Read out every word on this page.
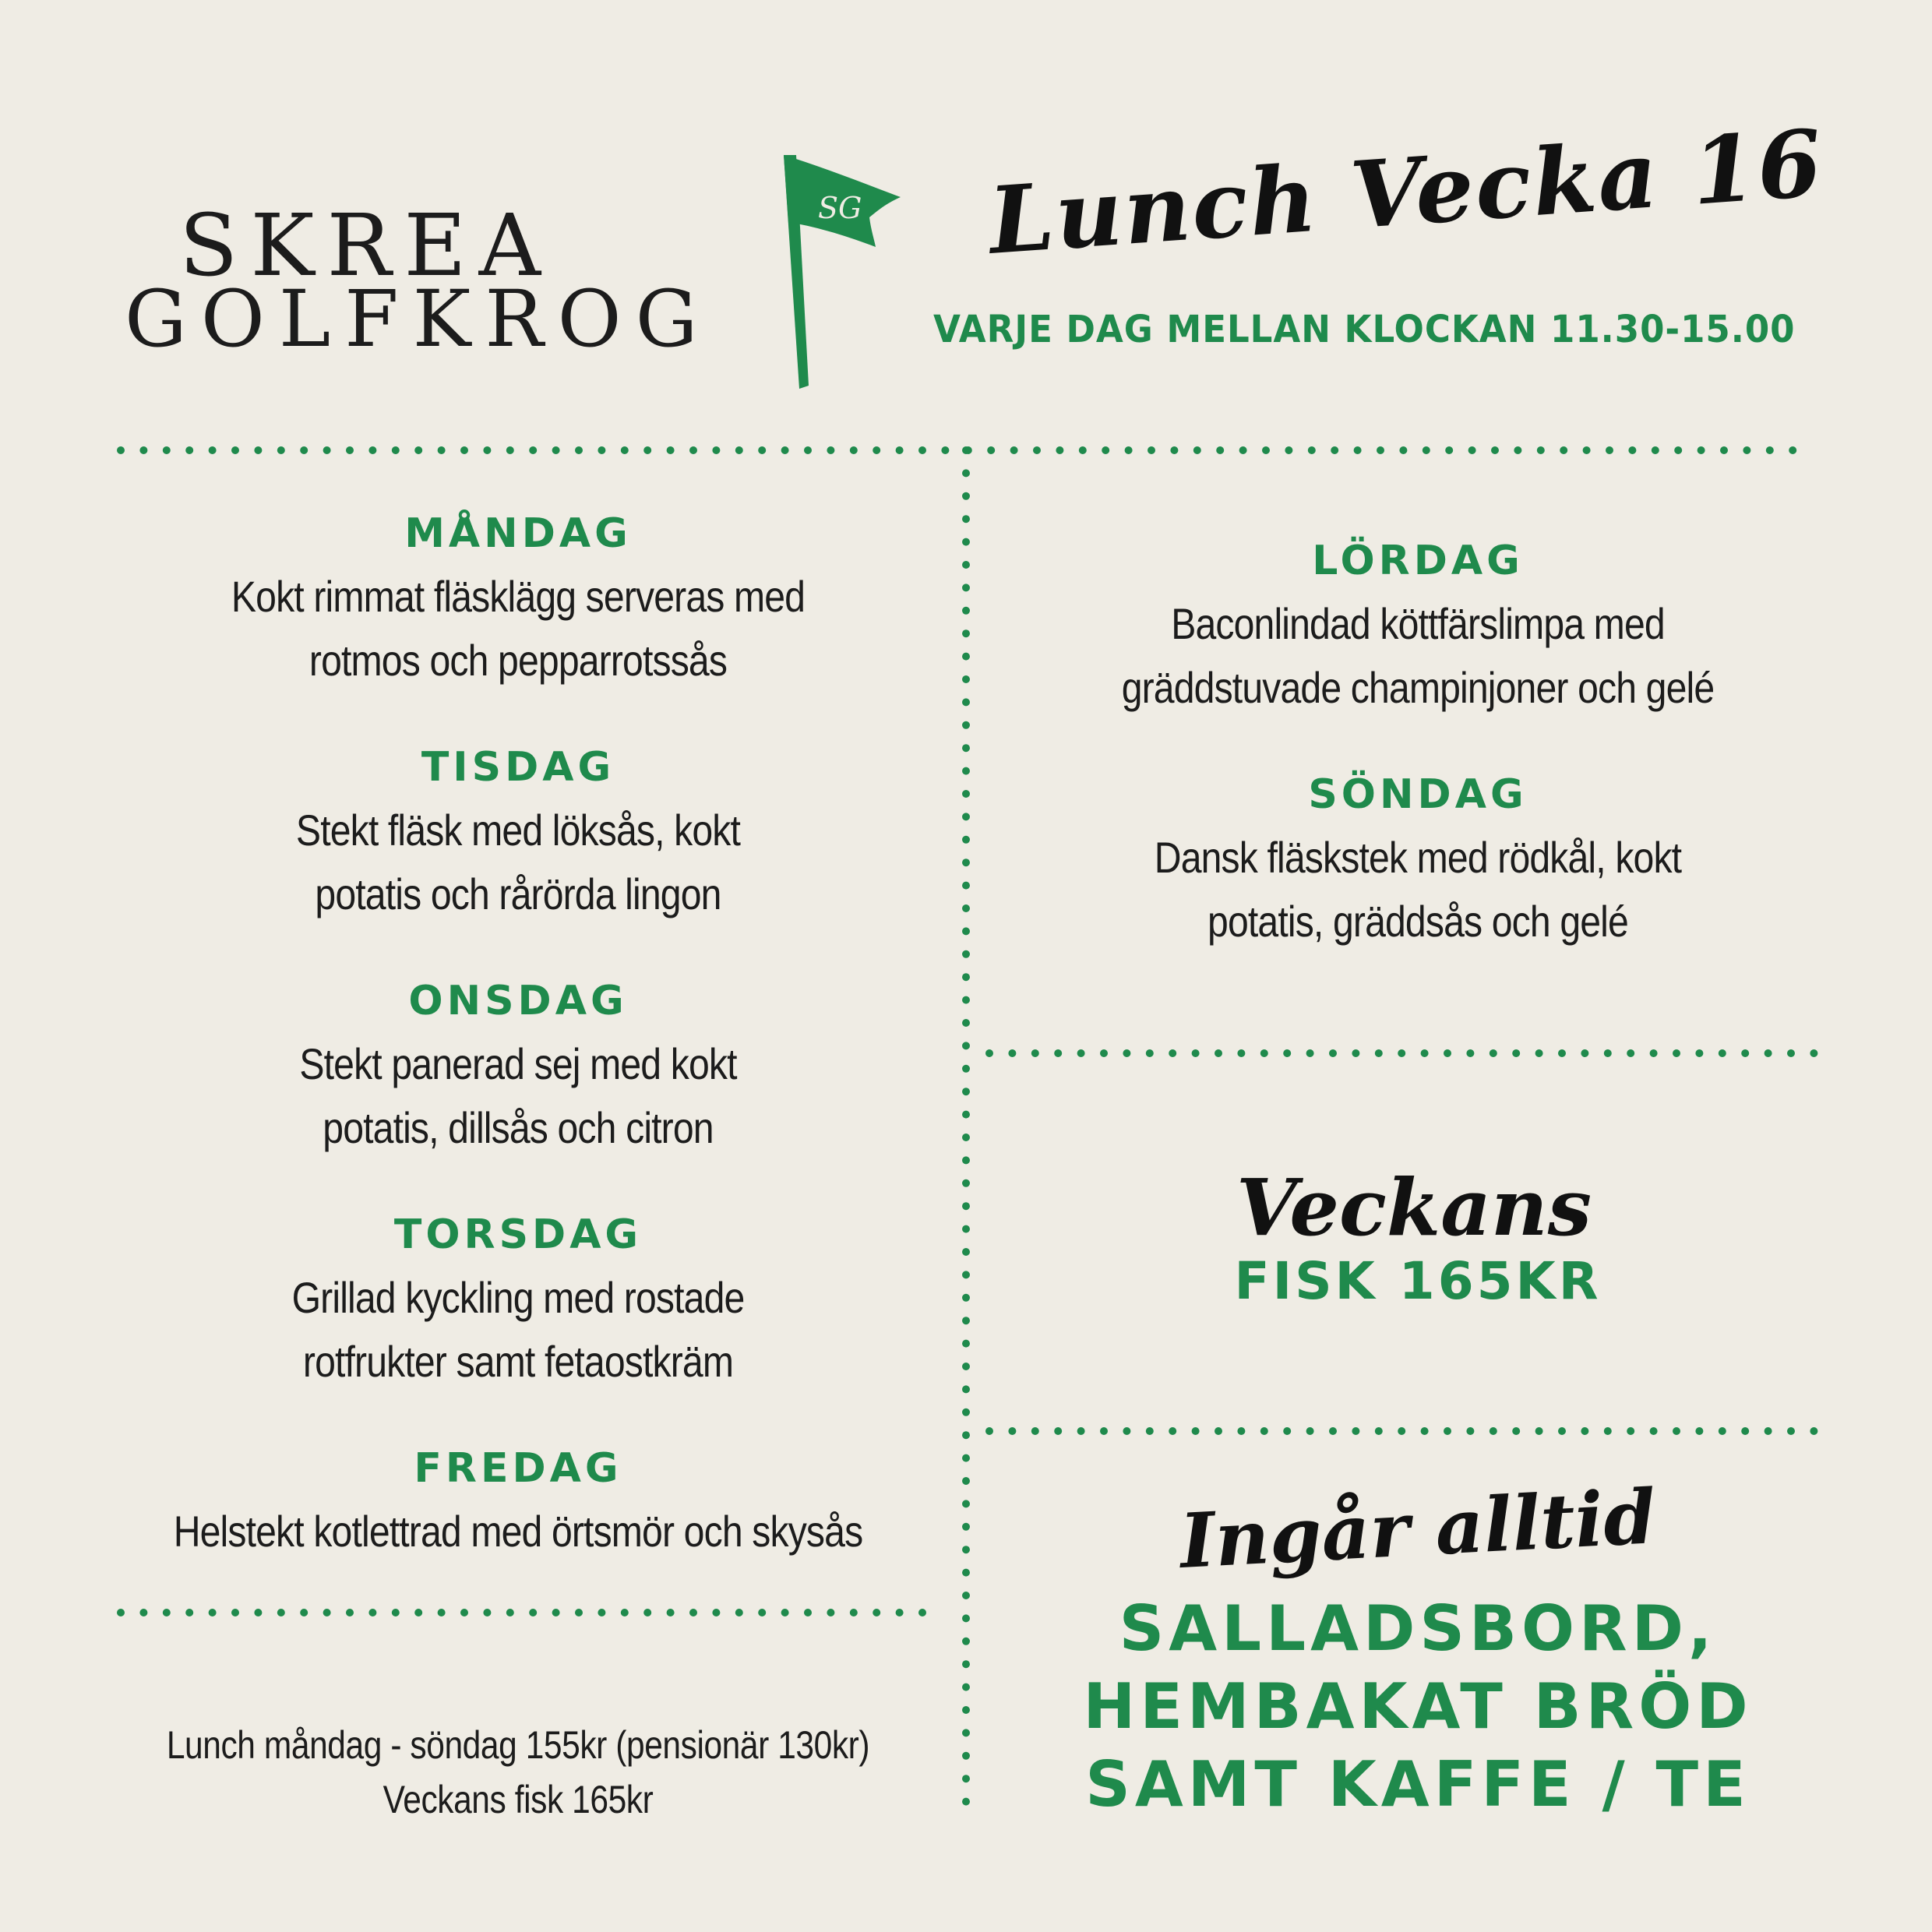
SKREA
GOLFKROG
SG Lunch Vecka 16
VARJE DAG MELLAN KLOCKAN 11.30-15.00
MÅNDAG
Kokt rimmat fläsklägg serveras med
rotmos och pepparrotssås
TISDAG
Stekt fläsk med löksås, kokt
potatis och rårörda lingon
ONSDAG
Stekt panerad sej med kokt
potatis, dillsås och citron
TORSDAG
Grillad kyckling med rostade
rotfrukter samt fetaostkräm
FREDAG
Helstekt kotlettrad med örtsmör och skysås
Lunch måndag - söndag 155kr (pensionär 130kr)
Veckans fisk 165kr
LÖRDAG
Baconlindad köttfärslimpa med
gräddstuvade champinjoner och gelé
SÖNDAG
Dansk fläskstek med rödkål, kokt
potatis, gräddsås och gelé
Veckans
FISK 165KR
Ingår alltid
SALLADSBORD,
HEMBAKAT BRÖD
SAMT KAFFE / TE
